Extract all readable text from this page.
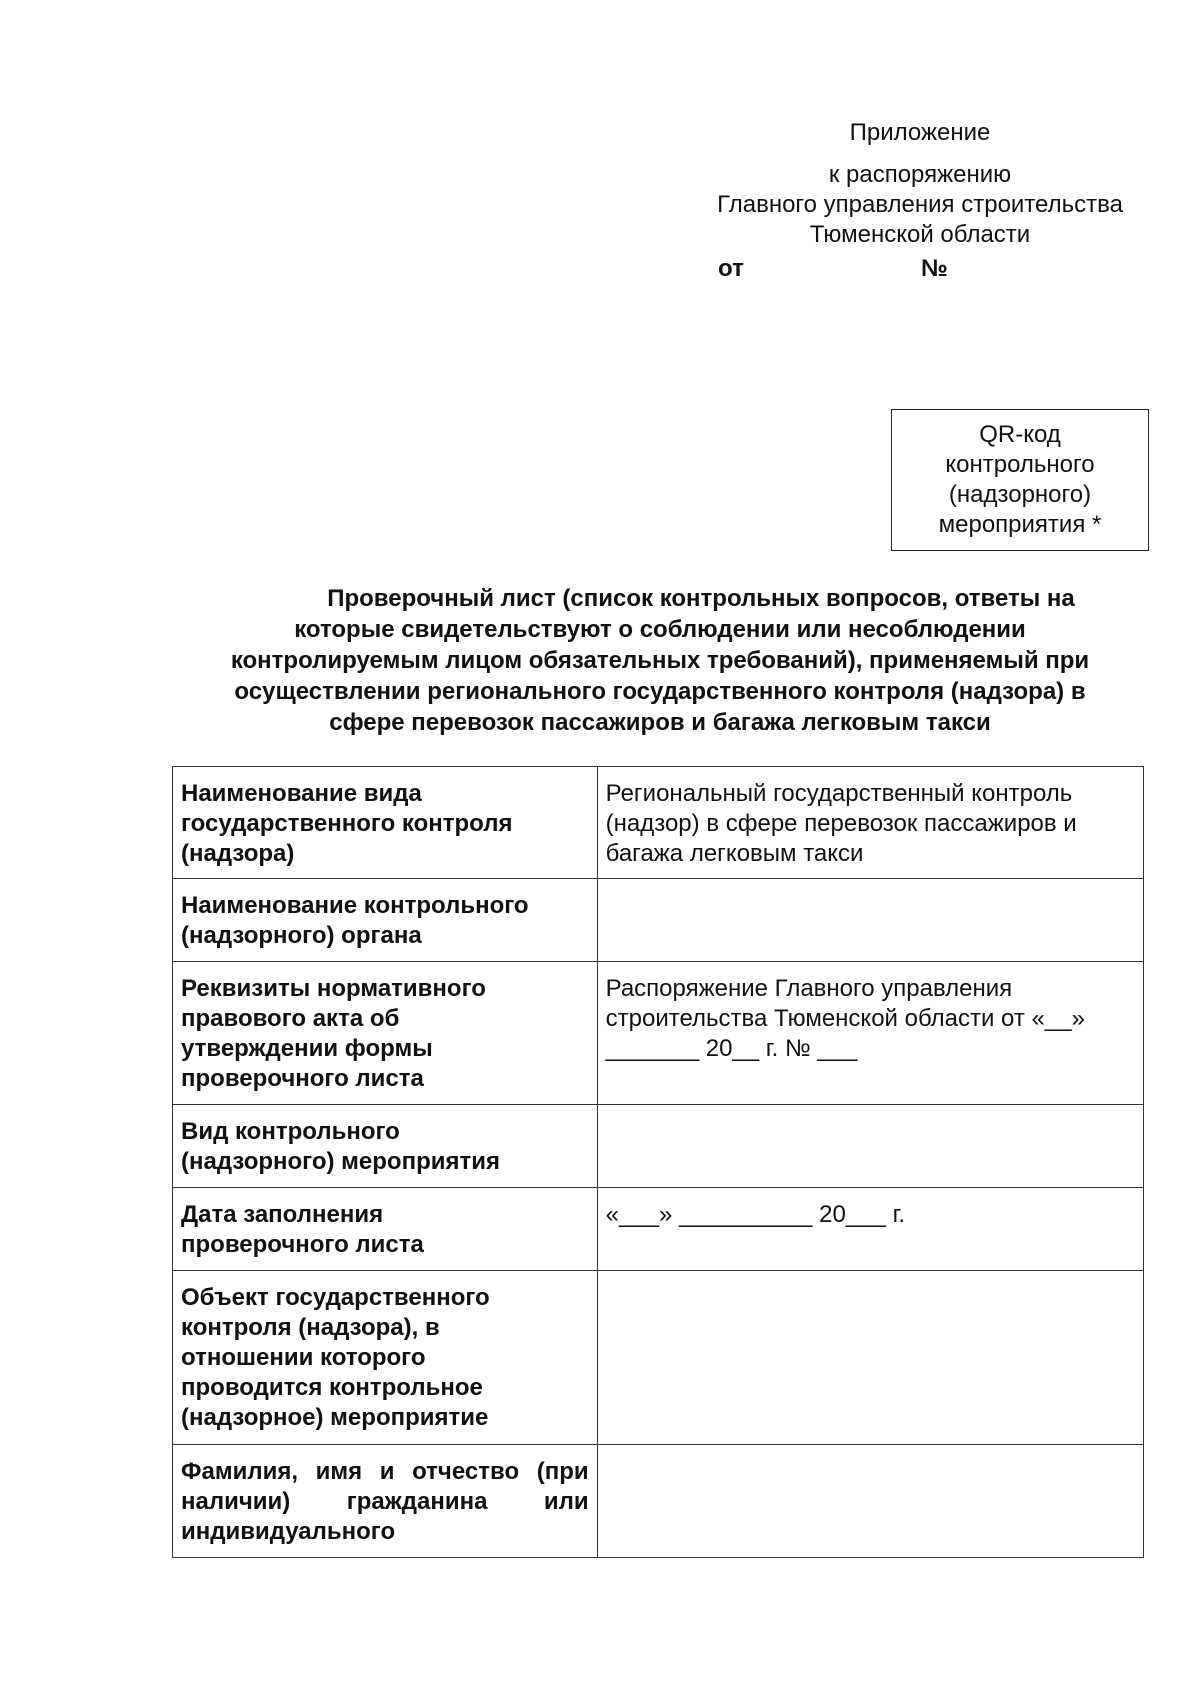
Приложение
к распоряжению
Главного управления строительства
Тюменской области
от	№
QR-код
контрольного
(надзорного)
мероприятия *
Проверочный лист (список контрольных вопросов, ответы на
которые свидетельствуют о соблюдении или несоблюдении
контролируемым лицом обязательных требований), применяемый при
осуществлении регионального государственного контроля (надзора) в
сфере перевозок пассажиров и багажа легковым такси
Наименование вида
государственного контроля
(надзора)	Региональный государственный контроль
(надзор) в сфере перевозок пассажиров и
багажа легковым такси

Наименование контрольного
(надзорного) органа	

Реквизиты нормативного
правового акта об
утверждении формы
проверочного листа	Распоряжение Главного управления
строительства Тюменской области от «__»
_______ 20__ г. № ___

Вид контрольного
(надзорного) мероприятия	

Дата заполнения
проверочного листа	«___» __________ 20___ г.

Объект государственного
контроля (надзора), в
отношении которого
проводится контрольное
(надзорное) мероприятие	

Фамилия, имя и отчество (при
наличии) гражданина или
индивидуального	
